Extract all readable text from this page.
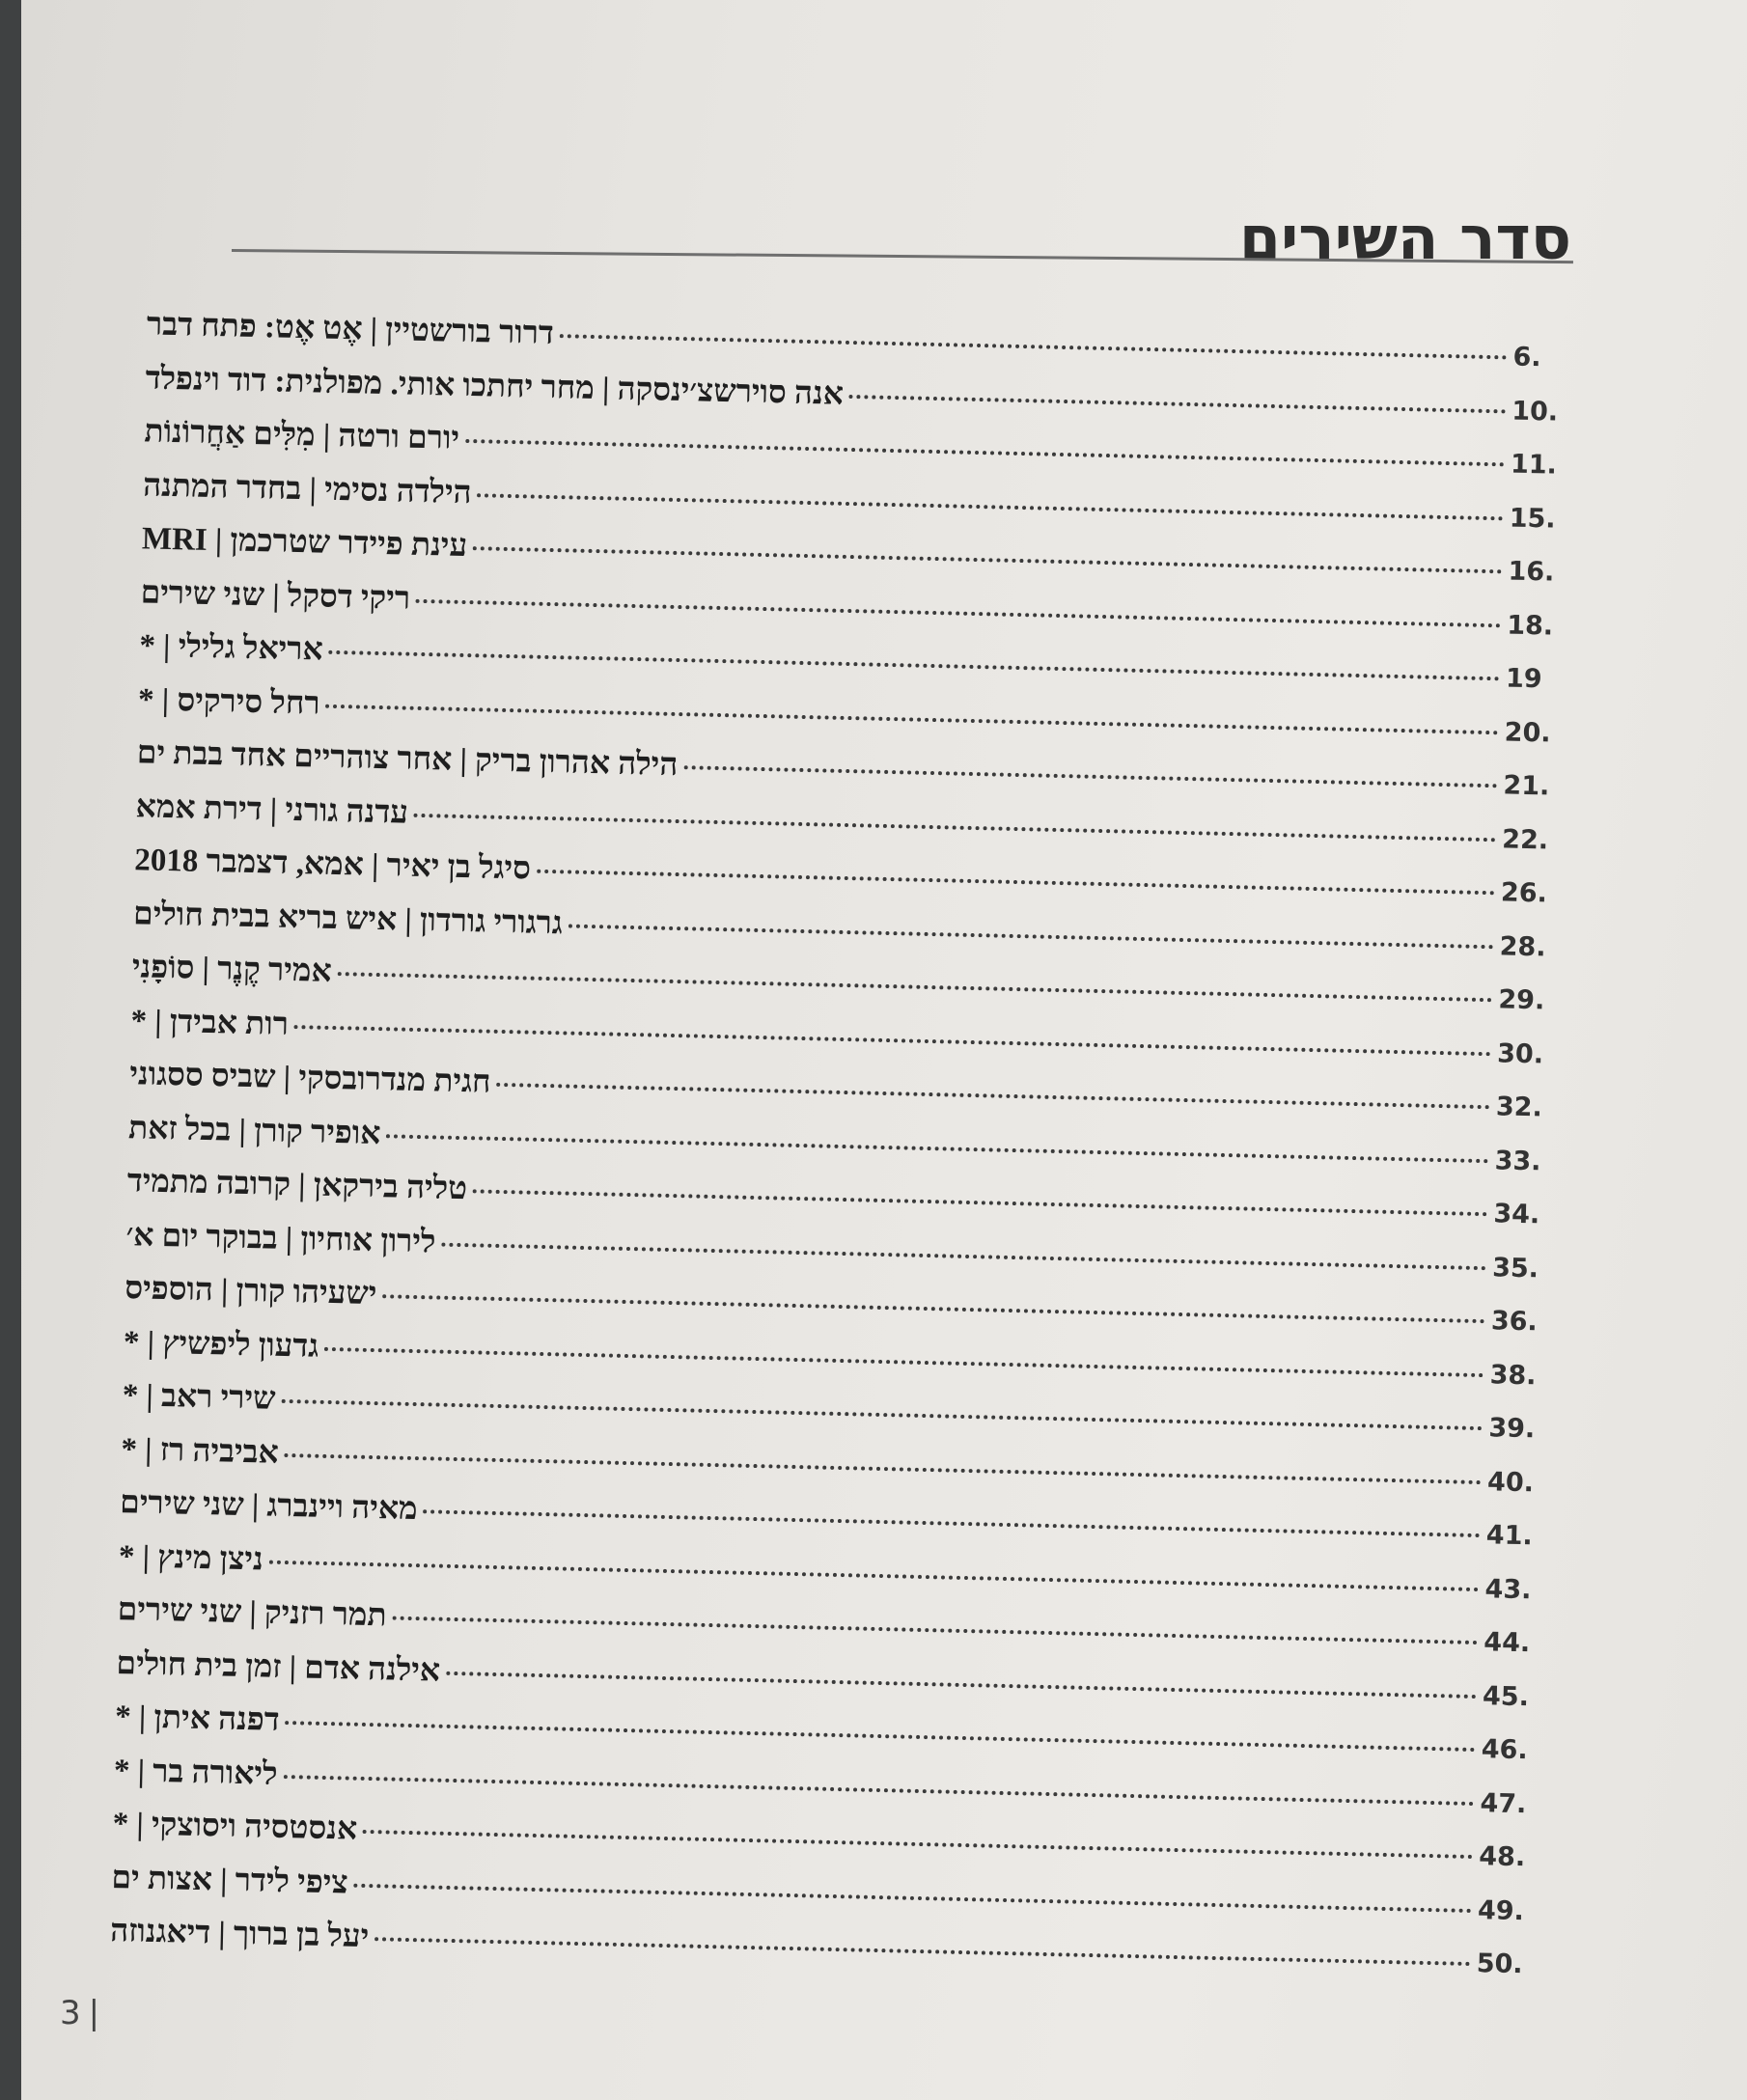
סדר השירים
דרור בורשטיין | אֶט אֶט: פתח דבר
6.
אנה סוירשצ׳ינסקה | מחר יחתכו אותי. מפולנית: דוד וינפלד
10.
יורם ורטה | מִלִּים אַחֲרוֹנוֹת
11.
הילדה נסימי | בחדר המתנה
15.
עינת פיידר שטרכמן | MRI
16.
ריקי דסקל | שני שירים
18.
אריאל גלילי | *
19
רחל סירקיס | *
20.
הילה אהרון בריק | אחר צוהריים אחד בבת ים
21.
עדנה גורני | דירת אמא
22.
סיגל בן יאיר | אמא, דצמבר 2018
26.
גרגורי גורדון | איש בריא בבית חולים
28.
אמיר קֶנֶר | סוֹפָנִי
29.
רות אבידן | *
30.
חגית מנדרובסקי | שביס ססגוני
32.
אופיר קורן | בכל זאת
33.
טליה בירקאן | קרובה מתמיד
34.
לירון אוחיון | בבוקר יום א׳
35.
ישעיהו קורן | הוספיס
36.
גדעון ליפשיץ | *
38.
שירי ראב | *
39.
אביביה רז | *
40.
מאיה ויינברג | שני שירים
41.
ניצן מינץ | *
43.
תמר רזניק | שני שירים
44.
אילנה אדם | זמן בית חולים
45.
דפנה איתן | *
46.
ליאורה בר | *
47.
אנסטסיה ויסוצקי | *
48.
ציפי לידר | אצות ים
49.
יעל בן ברוך | דיאגנוזה
50.
3 |
